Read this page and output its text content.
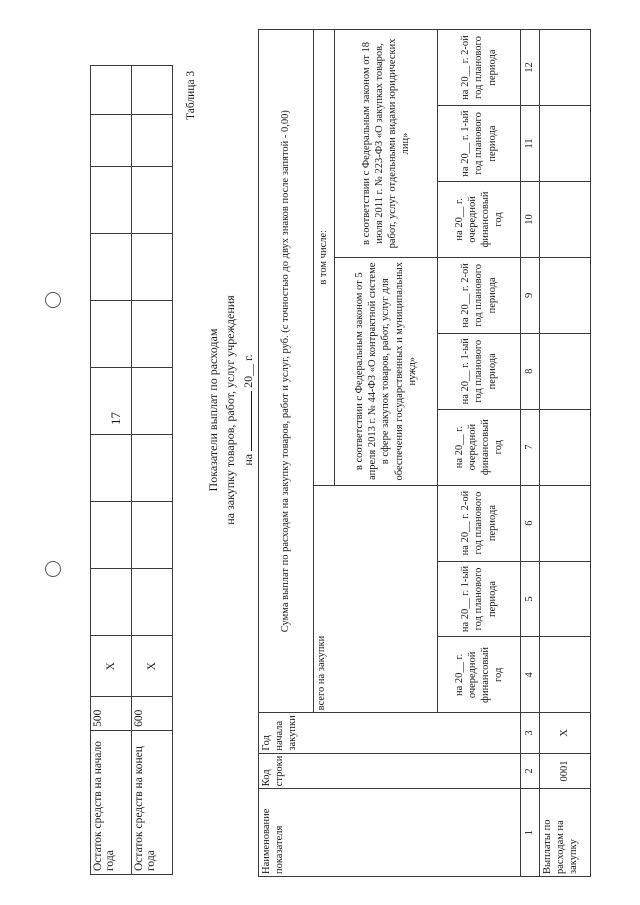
17
Остаток средств на начало года	500	X									
Остаток средств на конец года	600	X									
Таблица 3
Показатели выплат по расходам на закупку товаров, работ, услуг учреждения на  20__ г.
Наименование показателя	Код строки	Год начала закупки	Сумма выплат по расходам на закупку товаров, работ и услуг, руб. (с точностью до двух знаков после запятой - 0,00)								
			всего на закупки			в том числе:					
						в соответствии с Федеральным законом от 5 апреля 2013 г. № 44-ФЗ «О контрактной системе в сфере закупок товаров, работ, услуг для обеспечения государственных и муниципальных нужд»			в соответствии с Федеральным законом от 18 июля 2011 г. № 223-ФЗ «О закупках товаров, работ, услуг отдельными видами юридических лиц»		
			на 20__ г. очередной финансовый год	на 20__ г. 1-ый год планового периода	на 20__ г. 2-ой год планового периода	на 20__ г. очередной финансовый год	на 20__ г. 1-ый год планового периода	на 20__ г. 2-ой год планового периода	на 20__ г. очередной финансовый год	на 20__ г. 1-ый год планового периода	на 20__ г. 2-ой год планового периода
1	2	3	4	5	6	7	8	9	10	11	12
Выплаты по расходам на закупку	0001	X									
